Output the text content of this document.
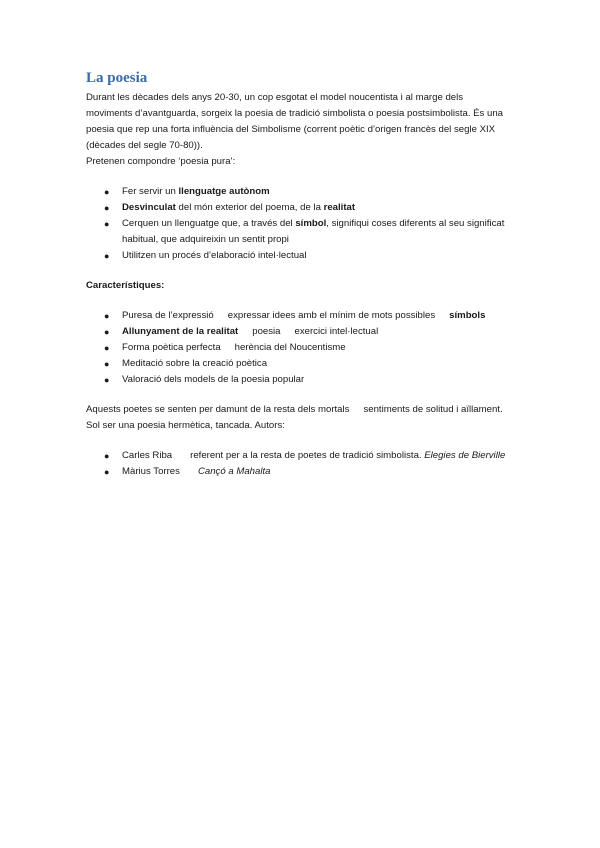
La poesia

Durant les dècades dels anys 20-30, un cop esgotat el model noucentista i al marge dels moviments d’avantguarda, sorgeix la poesia de tradició simbolista o poesia postsimbolista. És una poesia que rep una forta influència del Simbolisme (corrent poètic d’origen francès del segle XIX (dècades del segle 70-80)).

Pretenen compondre ‘poesia pura’:

● Fer servir un llenguatge autònom
● Desvinculat del món exterior del poema, de la realitat
● Cerquen un llenguatge que, a través del símbol, signifiqui coses diferents al seu significat habitual, que adquireixin un sentit propi
● Utilitzen un procés d’elaboració intel·lectual

Característiques:

● Puresa de l’expressió expressar idees amb el mínim de mots possibles símbols
● Allunyament de la realitat poesia exercici intel·lectual
● Forma poètica perfecta herència del Noucentisme
● Meditació sobre la creació poètica
● Valoració dels models de la poesia popular

Aquests poetes se senten per damunt de la resta dels mortals sentiments de solitud i aïllament. Sol ser una poesia hermètica, tancada. Autors:

● Carles Riba referent per a la resta de poetes de tradició simbolista. Elegies de Bierville
● Màrius Torres Cançó a Mahalta
